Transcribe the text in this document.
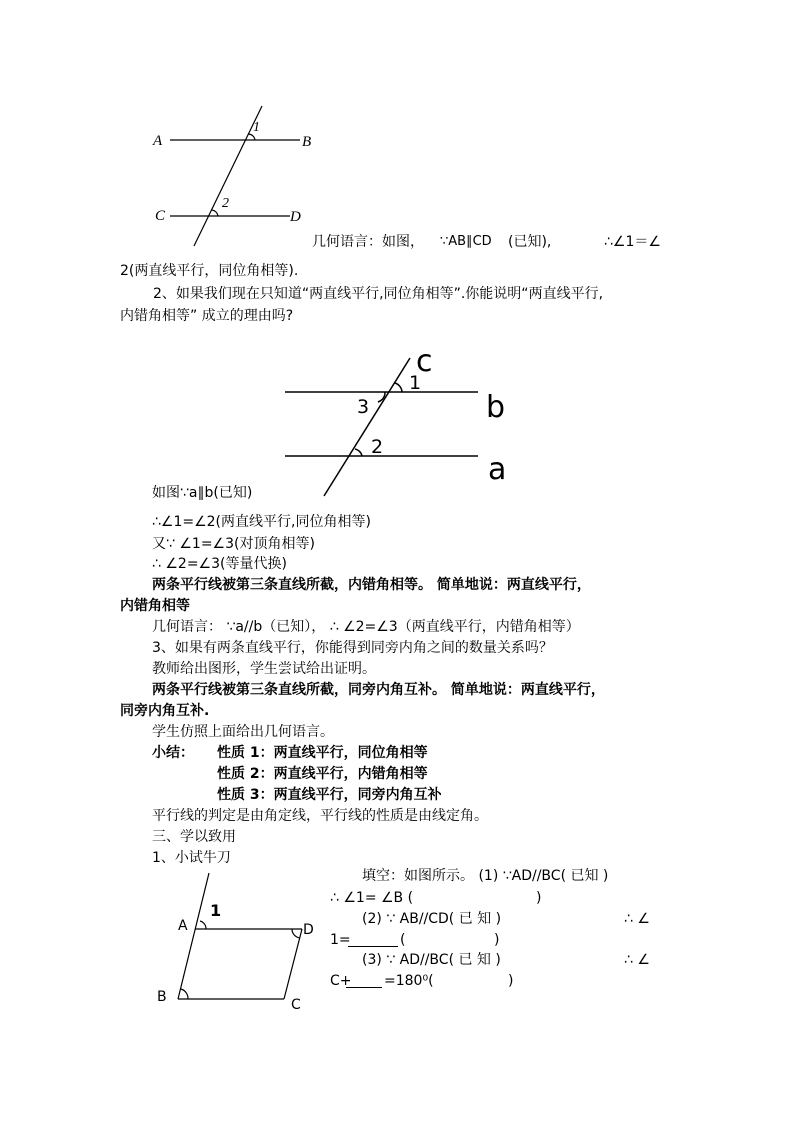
A	B
C	D
1
2
几何语言：如图， ∵AB∥CD (已知),	∴∠1＝∠
2(两直线平行，同位角相等).
2、如果我们现在只知道“两直线平行,同位角相等”.你能说明“两直线平行,
内错角相等” 成立的理由吗?
c
b
a
1
3
2
如图∵a∥b(已知)
∴∠1=∠2(两直线平行,同位角相等)
又∵ ∠1=∠3(对顶角相等)
∴ ∠2=∠3(等量代换)
两条平行线被第三条直线所截，内错角相等。 简单地说：两直线平行，
内错角相等
几何语言： ∵a//b（已知）， ∴ ∠2=∠3（两直线平行，内错角相等）
3、如果有两条直线平行，你能得到同旁内角之间的数量关系吗？
教师给出图形，学生尝试给出证明。
两条平行线被第三条直线所截，同旁内角互补。 简单地说：两直线平行，
同旁内角互补.
学生仿照上面给出几何语言。
小结： 性质 1：两直线平行，同位角相等
性质 2：两直线平行，内错角相等
性质 3：两直线平行，同旁内角互补
平行线的判定是由角定线，平行线的性质是由线定角。
三、学以致用
1、小试牛刀
A
1
D
B	C
填空：如图所示。 (1) ∵AD//BC( 已知 )
∴ ∠1= ∠B (	)
(2) ∵ AB//CD( 已 知 )	∴ ∠
1=	(	)
(3) ∵ AD//BC( 已 知 )	∴ ∠
C+ =180⁰(	)
